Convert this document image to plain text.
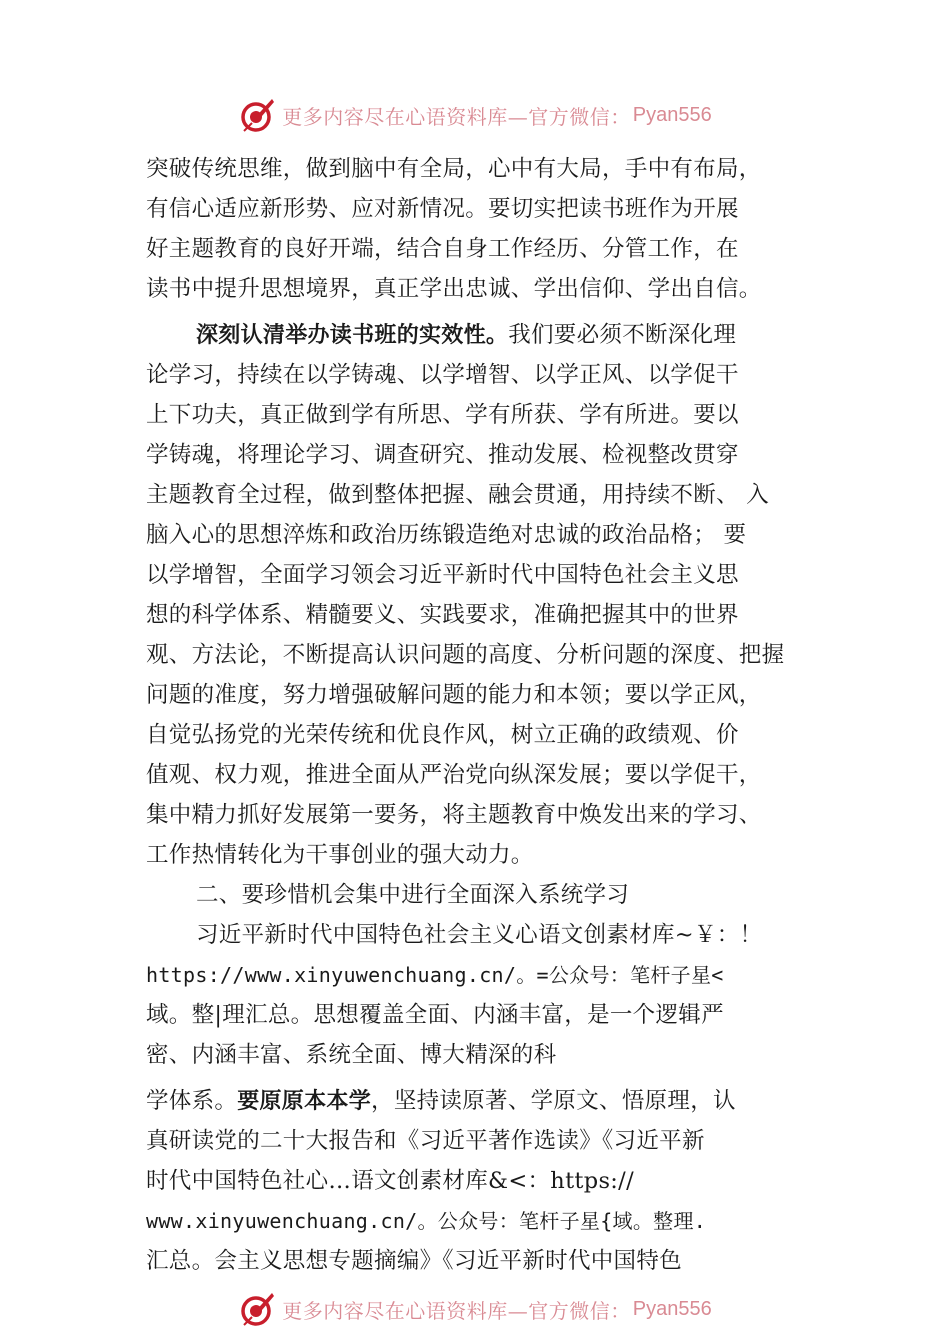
更多内容尽在心语资料库—官方微信： Pyan556
突破传统思维，做到脑中有全局，心中有大局，手中有布局，
有信心适应新形势、应对新情况。要切实把读书班作为开展
好主题教育的良好开端，结合自身工作经历、分管工作，在
读书中提升思想境界，真正学出忠诚、学出信仰、学出自信。
深刻认清举办读书班的实效性。我们要必须不断深化理
论学习，持续在以学铸魂、以学增智、以学正风、以学促干
上下功夫，真正做到学有所思、学有所获、学有所进。要以
学铸魂，将理论学习、调查研究、推动发展、检视整改贯穿
主题教育全过程，做到整体把握、融会贯通，用持续不断、 入
脑入心的思想淬炼和政治历练锻造绝对忠诚的政治品格； 要
以学增智，全面学习领会习近平新时代中国特色社会主义思
想的科学体系、精髓要义、实践要求，准确把握其中的世界
观、方法论，不断提高认识问题的高度、分析问题的深度、把握
问题的准度，努力增强破解问题的能力和本领；要以学正风，
自觉弘扬党的光荣传统和优良作风，树立正确的政绩观、价
值观、权力观，推进全面从严治党向纵深发展；要以学促干，
集中精力抓好发展第一要务，将主题教育中焕发出来的学习、
工作热情转化为干事创业的强大动力。
二、要珍惜机会集中进行全面深入系统学习
习近平新时代中国特色社会主义心语文创素材库~￥：！
https://www.xinyuwenchuang.cn/。=公众号：笔杆子星<
域。整|理汇总。思想覆盖全面、内涵丰富，是一个逻辑严
密、内涵丰富、系统全面、博大精深的科
学体系。要原原本本学，坚持读原著、学原文、悟原理，认
真研读党的二十大报告和《习近平著作选读》《习近平新
时代中国特色社心…语文创素材库&<：https://
www.xinyuwenchuang.cn/。公众号：笔杆子星{域。整理.
汇总。会主义思想专题摘编》《习近平新时代中国特色
更多内容尽在心语资料库—官方微信： Pyan556
